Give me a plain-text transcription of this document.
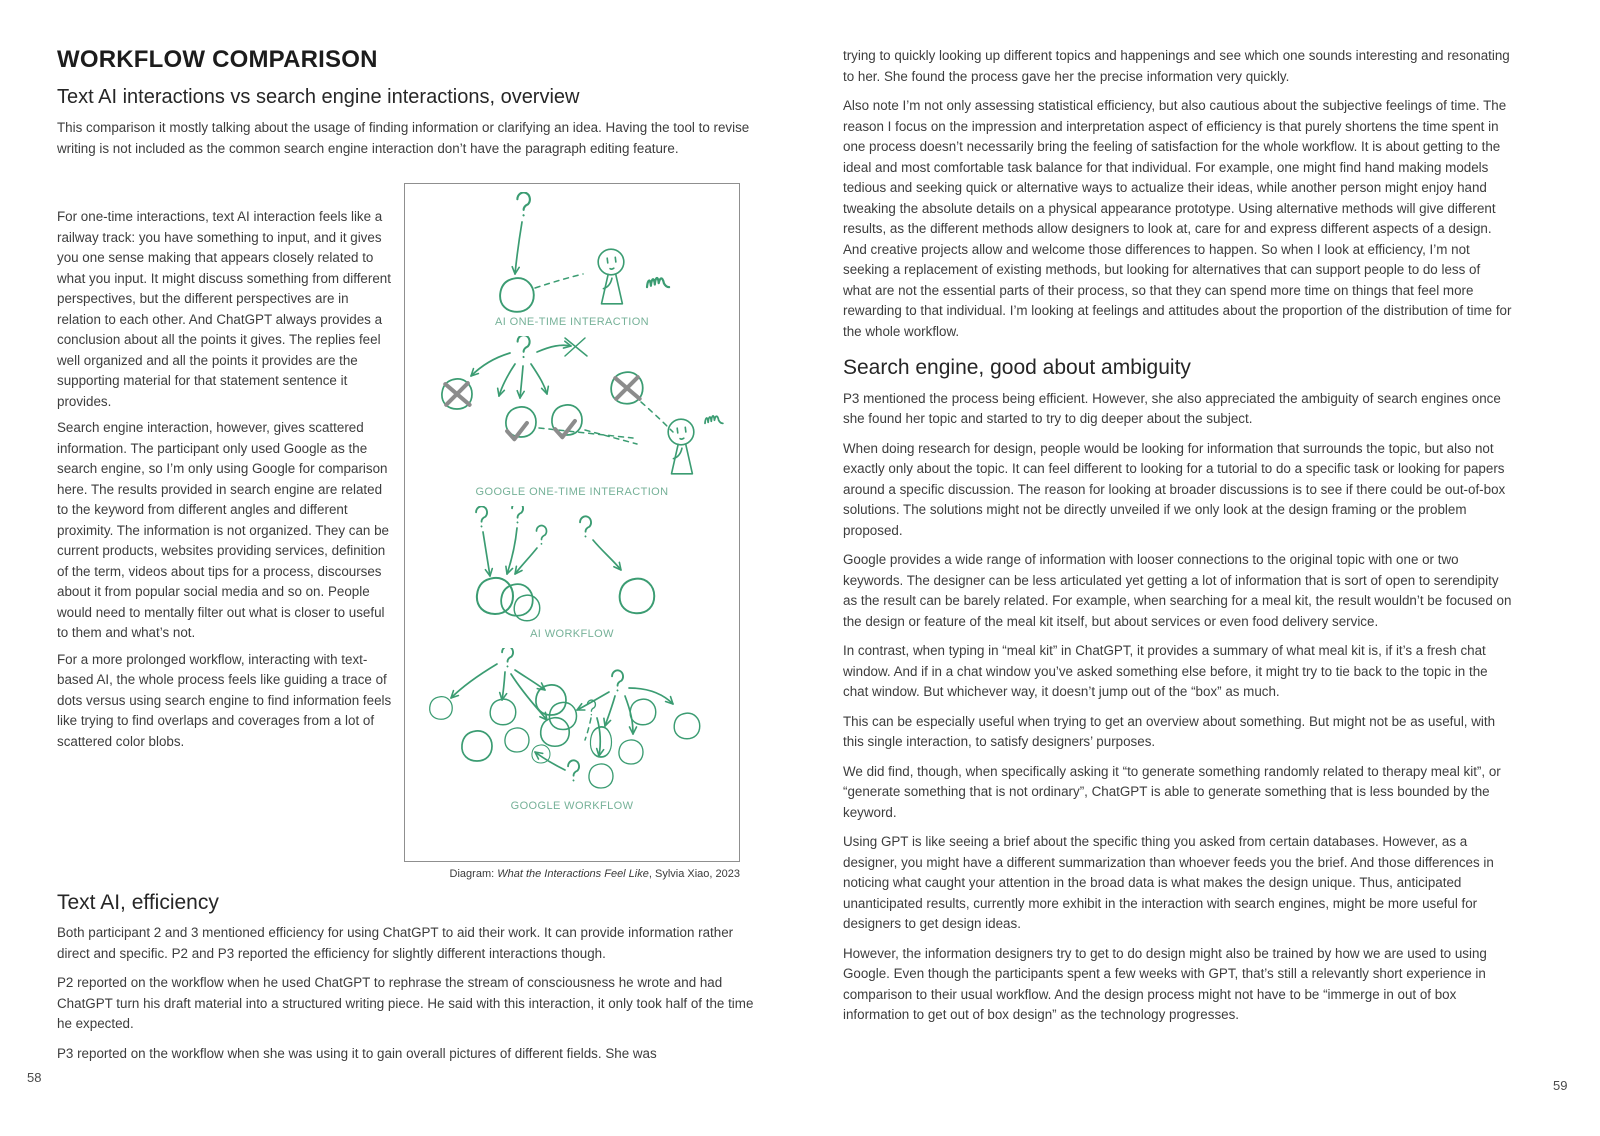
WORKFLOW COMPARISON
Text AI interactions vs search engine interactions, overview

This comparison it mostly talking about the usage of finding information or clarifying an idea. Having the tool to revise writing is not included as the common search engine interaction don’t have the paragraph editing feature.

For one-time interactions, text AI interaction feels like a railway track: you have something to input, and it gives you one sense making that appears closely related to what you input. It might discuss something from different perspectives, but the different perspectives are in relation to each other. And ChatGPT always provides a conclusion about all the points it gives. The replies feel well organized and all the points it provides are the supporting material for that statement sentence it provides.

Search engine interaction, however, gives scattered information. The participant only used Google as the search engine, so I’m only using Google for comparison here. The results provided in search engine are related to the keyword from different angles and different proximity. The information is not organized. They can be current products, websites providing services, definition of the term, videos about tips for a process, discourses about it from popular social media and so on. People would need to mentally filter out what is closer to useful to them and what’s not.

For a more prolonged workflow, interacting with text-based AI, the whole process feels like guiding a trace of dots versus using search engine to find information feels like trying to find overlaps and coverages from a lot of scattered color blobs.

AI ONE-TIME INTERACTION
GOOGLE ONE-TIME INTERACTION
AI WORKFLOW
GOOGLE WORKFLOW
Diagram: What the Interactions Feel Like, Sylvia Xiao, 2023
Text AI, efficiency

Both participant 2 and 3 mentioned efficiency for using ChatGPT to aid their work. It can provide information rather direct and specific. P2 and P3 reported the efficiency for slightly different interactions though.

P2 reported on the workflow when he used ChatGPT to rephrase the stream of consciousness he wrote and had ChatGPT turn his draft material into a structured writing piece. He said with this interaction, it only took half of the time he expected.

P3 reported on the workflow when she was using it to gain overall pictures of different fields. She was

58

trying to quickly looking up different topics and happenings and see which one sounds interesting and resonating to her. She found the process gave her the precise information very quickly.

Also note I’m not only assessing statistical efficiency, but also cautious about the subjective feelings of time. The reason I focus on the impression and interpretation aspect of efficiency is that purely shortens the time spent in one process doesn’t necessarily bring the feeling of satisfaction for the whole workflow. It is about getting to the ideal and most comfortable task balance for that individual. For example, one might find hand making models tedious and seeking quick or alternative ways to actualize their ideas, while another person might enjoy hand tweaking the absolute details on a physical appearance prototype. Using alternative methods will give different results, as the different methods allow designers to look at, care for and express different aspects of a design. And creative projects allow and welcome those differences to happen. So when I look at efficiency, I’m not seeking a replacement of existing methods, but looking for alternatives that can support people to do less of what are not the essential parts of their process, so that they can spend more time on things that feel more rewarding to that individual. I’m looking at feelings and attitudes about the proportion of the distribution of time for the whole workflow.

Search engine, good about ambiguity

P3 mentioned the process being efficient. However, she also appreciated the ambiguity of search engines once she found her topic and started to try to dig deeper about the subject.

When doing research for design, people would be looking for information that surrounds the topic, but also not exactly only about the topic. It can feel different to looking for a tutorial to do a specific task or looking for papers around a specific discussion. The reason for looking at broader discussions is to see if there could be out-of-box solutions. The solutions might not be directly unveiled if we only look at the design framing or the problem proposed.

Google provides a wide range of information with looser connections to the original topic with one or two keywords. The designer can be less articulated yet getting a lot of information that is sort of open to serendipity as the result can be barely related. For example, when searching for a meal kit, the result wouldn’t be focused on the design or feature of the meal kit itself, but about services or even food delivery service.

In contrast, when typing in “meal kit” in ChatGPT, it provides a summary of what meal kit is, if it’s a fresh chat window. And if in a chat window you’ve asked something else before, it might try to tie back to the topic in the chat window. But whichever way, it doesn’t jump out of the “box” as much.

This can be especially useful when trying to get an overview about something. But might not be as useful, with this single interaction, to satisfy designers’ purposes.

We did find, though, when specifically asking it “to generate something randomly related to therapy meal kit”, or “generate something that is not ordinary”, ChatGPT is able to generate something that is less bounded by the keyword.

Using GPT is like seeing a brief about the specific thing you asked from certain databases. However, as a designer, you might have a different summarization than whoever feeds you the brief. And those differences in noticing what caught your attention in the broad data is what makes the design unique. Thus, anticipated unanticipated results, currently more exhibit in the interaction with search engines, might be more useful for designers to get design ideas.

However, the information designers try to get to do design might also be trained by how we are used to using Google. Even though the participants spent a few weeks with GPT, that’s still a relevantly short experience in comparison to their usual workflow. And the design process might not have to be “immerge in out of box information to get out of box design” as the technology progresses.

59
